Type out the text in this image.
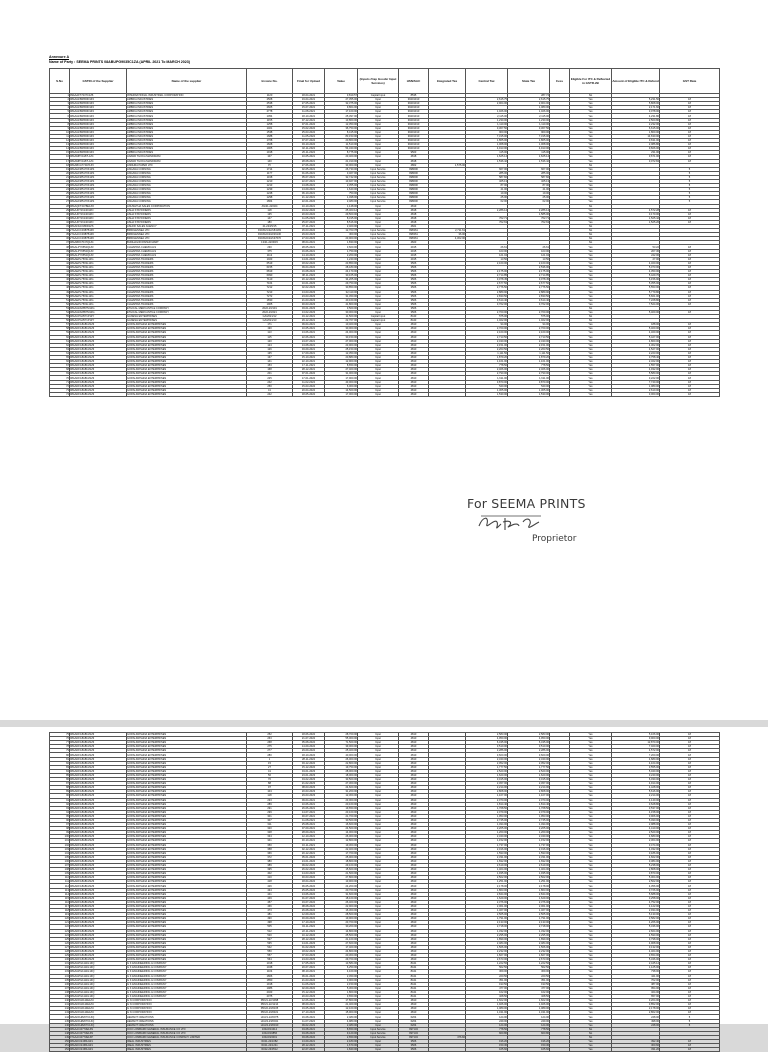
Annexure A
Name of Party : SEEMA PRINTS 08ABUPG9035C1ZA (APRIL 2021 To MARCH 2023)
S.No	GSTIN of the Supplier	Name of the supplier	Invoice No.	Final for Upload	Value	(Inputs /Cap Goods/ Input Services)	HSN/SAC	Integrated Tax	Central Tax	State Tax	Cess	Eligible For ITC & Reflected in GSTR-2B	Amount of Eligible ITC & Refund	GST Rate
1	09AAAFT7237C1Z6	INTERNATIONAL INDUSTRIAL CORPORATION	1120	18-04-2021	3,819.57	Capital Input	8535			287.74		No		
2	08AAGFB2650D1Z3	AMBIKA INDUSTRIES	2508	19-04-2021	27,355.00	Input	39201010		2,615.75	2,615.75		Yes	5,231.50	18
3	08AAGFB2650D1Z3	AMBIKA INDUSTRIES	2538	27-05-2021	32,375.00	Input	39201010		2,904.00	2,904.00		Yes	5,808.00	18
4	08AAGFB2650D1Z3	AMBIKA INDUSTRIES	2605	15-07-2021	9,864.00	Input	39201010			1,080.00		Yes	2,171.60	18
5	08AAGFB2650D1Z3	AMBIKA INDUSTRIES	2778	11-08-2021	17,100.00	Input	39201010		1,026.00	1,026.00		Yes	3,078.00	18
6	08AAGFB2650D1Z3	AMBIKA INDUSTRIES	1054	18-10-2021	25,397.00	Input	39201010		2,115.00	2,115.00		Yes	4,231.80	18
7	08AAGFB2650D1Z3	AMBIKA INDUSTRIES	1155	07-12-2021	13,860.00	Input	39201010		1,230.00	1,230.00		Yes	2,500.80	18
8	08AAGFB2650D1Z3	AMBIKA INDUSTRIES	1258	07-01-2022	12,350.00	Input	39201010		1,110.00	1,110.00		Yes	2,232.00	18
9	08AAGFB2650D1Z3	AMBIKA INDUSTRIES	1401	15-02-2022	36,750.00	Input	39201010		3,307.50	3,307.50		Yes	6,615.00	18
10	08AAGFB2650D1Z3	AMBIKA INDUSTRIES	1538	25-03-2022	8,415.00	Input	39201010		900.00	900.00		Yes	1,800.00	18
11	08AAGFB2650D1Z3	AMBIKA INDUSTRIES	1688	11-05-2022	83,153.00	Input	39201010		7,315.00	7,315.00		Yes	14,630.00	18
12	08AAGFB2650D1Z3	AMBIKA INDUSTRIES	1708	07-07-2022	20,860.00	Input	39201010		1,865.00	1,865.00		Yes	3,631.00	18
13	08AAGFB2650D1Z3	AMBIKA INDUSTRIES	1828	03-10-2022	11,510.00	Input	39201010		1,068.00	1,068.00		Yes	2,086.80	18
14	08AAGFB2650D1Z3	AMBIKA INDUSTRIES	1905	02-11-2022	54,340.00	Input	39201010		4,913.00	4,913.00		Yes	9,826.00	18
15	08AAGFB2650D1Z3	AMBIKA INDUSTRIES	1918	26-11-2022	8,775.00	Input	9503		115.00	115.00		Yes	231.00	18
16	08AAMPV1187L1Z4	ANAND THOKA MANDIRAM	107	10-05-2021	23,400.00	Input	4818		1,625.14	1,625.14		Yes	3,671.00	18
17	08AAMPV1187L1Z4	ANAND THOKA MANDIRAM	140	28-08-2021	21,310.00	Input	4818		1,536.42	1,536.42		Yes	3,072.84	18
18	08AABCA7741P1ZV	ANDHRA PAPER LTD	PI	27-06-2022	33,000.00	Input	4802	1,575.00				No		
19	08AAHFM5170K1ZS	ANGANA CORNING	1714	02-05-2021	26,730.00	Input Service	998600		667.00	667.00		Yes		5
20	08AAHFM5170K1ZS	ANGANA CORNING	1177	01-06-2021	3,467.00	Input Service	998600		285.00	285.00		Yes		5
21	08AAHFM5170K1ZS	ANGANA CORNING	1198	05-07-2021	32,742.00	Input Service	998600		587.82	587.82		Yes		5
22	08AAHFM5170K1ZS	ANGANA CORNING	1210	22-07-2021	13,927.00	Input Service	998600		325.13	325.13		Yes		5
23	08AAHFM5170K1ZS	ANGANA CORNING	1213	13-08-2021	2,355.00	Input Service	998600		87.00	87.00		Yes		5
24	08AAHFM5170K1ZS	ANGANA CORNING	1239	13-09-2021	1,640.00	Input Service	998600		41.00	41.00		Yes		5
25	08AAHFM5170K1ZS	ANGANA CORNING	1248	06-10-2021	750.00	Input Service	998600		19.00	19.00		Yes		5
26	08AAHFM5170K1ZS	ANGANA CORNING	1298	21-12-2021	1,498.00	Input Service	998600		25.00	25.00		Yes		5
27	08AAHFM5170K1ZS	ANGANA CORNING	1864	22-01-2022	2,480.00	Input Service	998600		62.00	62.00		Yes		5
28	08AAQFT4478E1ZO	ANUSHTHA SALES CORPORATION	AS/21-22/024	10-10-2021	1,148.00	Input	4819					No		
29	08AAJFT1614D1ZN	ASHA STATIONERS	118	19-02-2022	25,403.12	Input	4818		2,286.14	2,286.14		Yes	4,572.28	18
30	08AAJFT1614D1ZN	ASHA STATIONERS	135	20-03-2022	29,500.00	Input	4818			1,585.00		Yes	3,170.00	18
31	08AAJFT1614D1ZN	ASHA STATIONERS	147	11-05-2022	8,315.00	Input	4818		762.71	762.71		Yes	1,525.42	18
32	08AAJFT1614D1ZN	ASHA STATIONERS	180	25-07-2022	8,516.00	Input	4818		762.63	762.63		Yes	1,525.26	18
33	08AAFFA3186R1ZS	ASHOK SALES AGENCY	21-22/25/15	07-11-2021	2,400.00	Input	4821					No		
34	27AAACC3387B1Z6	BRIDGENNEA LTD	FR/2021/22/184183	26-03-2022	12,703.78	Input Service	998361	2,711.61				No		
35	27AAACC3387B1Z6	BRIDGENNEA LTD	FR/2022/23/226130	29-03-2023	300.00	Input Service	998361	36.00				No		
36	27AAACC3387B1Z6	BRIDGENNEA LTD	FR/2022/23/137670	27-03-2023	23,900.00	Input Service	998361	4,302.00				No		
37	08AABFF7047Q1Z4	BUDHAGIRI PAPER MART	13/21-22/0015	08-04-2021	1,830.00	Input	4823					No		
38	08AALPY6552Q1Z3	CHHAPRIA CHEMICALS	230	28-05-2021	3,600.00	Input	2915		26.61	26.61		Yes	53.22	18
39	08AALPY6552Q1Z3	CHHAPRIA CHEMICALS	375	16-06-2021	1,750.00	Input	2915		103.00	103.00		Yes	207.36	18
40	08AALPY6552Q1Z3	CHHAPRIA CHEMICALS	1112	14-10-2021	2,260.00	Input	2915		121.04	121.04		Yes	242.00	18
41	08AAEPL7503L1ZG	CHHAPRIA TRADERS	1023	14-01-2022	1,240.00	Input	2915		13.50	13.50		Yes	27.00	18
42	08AAEPL7503L1ZG	CHHAPRIA TRADERS	6519	18-02-2022	23,850.00	Input	3506		2,160.00	2,160.00		Yes	4,320.00	18
43	08AAEPL7503L1ZG	CHHAPRIA TRADERS	6155	09-04-2022	28,180.00	Input	3506			2,536.00		Yes	5,073.00	18
44	08AAEPL7503L1ZG	CHHAPRIA TRADERS	6819	16-08-2022	24,170.00	Input	3506		2,175.00	2,175.00		Yes	4,350.00	18
45	08AAEPL7503L1ZG	CHHAPRIA TRADERS	6990	08-11-2022	30,165.00	Input	3506		2,714.85	2,714.85		Yes	5,429.70	18
46	08AAEPL7503L1ZG	CHHAPRIA TRADERS	7110	20-12-2022	34,205.00	Input	3506		3,078.45	3,078.45		Yes	6,156.90	18
47	08AAEPL7503L1ZG	CHHAPRIA TRADERS	7164	10-01-2023	29,750.00	Input	3506		2,677.50	2,677.50		Yes	5,355.00	18
48	08AAEPL7503L1ZG	CHHAPRIA TRADERS	7212	02-02-2023	30,850.00	Input	3506		2,776.50	2,776.50		Yes	5,553.00	18
49	08AAEPL7503L1ZG	CHHAPRIA TRADERS	7213	13-03-2023	32,110.00	Input	3506		2,889.90	2,889.90		Yes	5,779.80	18
50	08AAEPL7503L1ZG	CHHAPRIA TRADERS	7272	23-03-2023	31,450.00	Input	3506		2,830.50	2,830.50		Yes	5,661.00	18
51	08AAEPL7503L1ZG	CHHAPRIA TRADERS	1830	21-03-2023	40,160.00	Input	3506		3,614.40	3,614.40		Yes	7,228.80	18
52	08AAEPL7503L1ZG	CHHAPRIA TRADERS	1905	30-03-2023	41,800.00	Input	3506		3,762.00	3,762.00		Yes	7,524.00	18
53	08AAGFA6857M1ZG	ETHICAL MERCANTILE COMPANY	2022-23/101	03-01-2023	3,500.00	Input	3506					No		
54	08AAGFA6857M1ZG	ETHICAL MERCANTILE COMPANY	2022-23/221	13-02-2023	30,000.00	Input	3506		2,700.00	2,700.00		Yes	5,400.00	18
55	08AACPG3571P1ZY	GANESH ENTERPRISES	GA/2021/12	19-12-2021	11,500.00	Capital Input	8443		575.00	575.00		No		
56	08AACPG3571P1ZY	GANESH ENTERPRISES	GA/2021/13	29-12-2021	22,707.00	Capital Input	8443		1,022.00	1,022.00		No		
57	08AADFG8181M1Z3	GOPALKRISHNA ENTERPRISES	171	09-04-2021	10,400.00	Input	4810		94.00	94.00		Yes	188.00	18
58	08AADFG8181M1Z3	GOPALKRISHNA ENTERPRISES	190	10-05-2021	30,000.00	Input	4810		2,700.00	2,700.00		Yes	5,400.00	18
59	08AADFG8181M1Z3	GOPALKRISHNA ENTERPRISES	113	13-06-2021	24,000.00	Input	4810		2,160.00	2,160.00		Yes	4,320.00	18
60	08AADFG8181M1Z3	GOPALKRISHNA ENTERPRISES	115	22-06-2021	30,150.00	Input	4810		2,713.50	2,713.50		Yes	5,427.00	18
61	08AADFG8181M1Z3	GOPALKRISHNA ENTERPRISES	120	24-07-2021	27,000.00	Input	4810		2,430.00	2,430.00		Yes	4,860.00	18
62	08AADFG8181M1Z3	GOPALKRISHNA ENTERPRISES	124	13-08-2021	23,900.00	Input	4810		2,151.00	2,151.00		Yes	4,302.00	18
63	08AADFG8181M1Z3	GOPALKRISHNA ENTERPRISES	126	03-09-2021	25,150.00	Input	4810		2,263.50	2,263.50		Yes	4,527.00	18
64	08AADFG8181M1Z3	GOPALKRISHNA ENTERPRISES	135	17-09-2021	12,350.00	Input	4810		1,111.50	1,111.50		Yes	2,223.00	18
65	08AADFG8181M1Z3	GOPALKRISHNA ENTERPRISES	137	15-10-2021	20,880.00	Input	4810		1,879.20	1,879.20		Yes	3,758.40	18
66	08AADFG8181M1Z3	GOPALKRISHNA ENTERPRISES	141	22-10-2021	12,900.00	Input	4810		1,161.00	1,161.00		Yes	2,322.00	18
67	08AADFG8181M1Z3	GOPALKRISHNA ENTERPRISES	153	17-11-2021	8,650.00	Input	4810		778.50	778.50		Yes	1,557.00	18
68	08AADFG8181M1Z3	GOPALKRISHNA ENTERPRISES	168	28-12-2021	27,400.00	Input	4810		2,466.00	2,466.00		Yes	4,932.00	18
69	08AADFG8181M1Z3	GOPALKRISHNA ENTERPRISES	201	07-01-2022	31,000.00	Input	4810		2,790.00	2,790.00		Yes	5,580.00	18
70	08AADFG8181M1Z3	GOPALKRISHNA ENTERPRISES	225	17-01-2022	17,900.00	Input	4810		1,611.00	1,611.00		Yes	3,222.00	18
71	08AADFG8181M1Z3	GOPALKRISHNA ENTERPRISES	242	11-02-2022	43,000.00	Input	4810		3,870.00	3,870.00		Yes	7,740.00	18
72	08AADFG8181M1Z3	GOPALKRISHNA ENTERPRISES	250	15-03-2022	6,000.00	Input	4810		540.00	540.00		Yes	1,080.00	18
73	08AADFG8181M1Z3	GOPALKRISHNA ENTERPRISES	41	20-04-2022	14,500.00	Input	4810		1,305.00	1,305.00		Yes	2,610.00	18
74	08AADFG8181M1Z3	GOPALKRISHNA ENTERPRISES	242	18-05-2022	17,000.00	Input	4810		1,530.00	1,530.00		Yes	3,060.00	18
For SEEMA PRINTS
Proprietor
75	08AADFG8181M1Z3	GOPALKRISHNA ENTERPRISES	252	18-06-2022	28,700.00	Input	4810		2,583.00	2,583.00		Yes	5,166.00	18
76	08AADFG8181M1Z3	GOPALKRISHNA ENTERPRISES	263	21-07-2022	55,000.00	Input	4810		4,950.00	4,950.00		Yes	9,900.00	18
77	08AADFG8181M1Z3	GOPALKRISHNA ENTERPRISES	268	05-08-2022	71,500.00	Input	4810		6,435.00	6,435.00		Yes	12,870.00	18
78	08AADFG8181M1Z3	GOPALKRISHNA ENTERPRISES	275	14-09-2022	39,000.00	Input	4810		3,510.00	3,510.00		Yes	7,020.00	18
79	08AADFG8181M1Z3	GOPALKRISHNA ENTERPRISES	277	29-09-2022	25,400.00	Input	4810		2,286.00	2,286.00		Yes	4,572.00	18
80	08AADFG8181M1Z3	GOPALKRISHNA ENTERPRISES	280	18-10-2022	40,000.00	Input	4810		3,600.00	3,600.00		Yes	7,200.00	18
81	08AADFG8181M1Z3	GOPALKRISHNA ENTERPRISES	1	28-11-2022	26,000.00	Input	4810		2,340.00	2,340.00		Yes	4,680.00	18
82	08AADFG8181M1Z3	GOPALKRISHNA ENTERPRISES	15	03-12-2022	22,800.00	Input	4810		2,052.00	2,052.00		Yes	4,104.00	18
83	08AADFG8181M1Z3	GOPALKRISHNA ENTERPRISES	27	15-12-2022	19,750.00	Input	4810		1,777.50	1,777.50		Yes	3,555.00	18
84	08AADFG8181M1Z3	GOPALKRISHNA ENTERPRISES	41	04-01-2023	28,000.00	Input	4810		2,520.00	2,520.00		Yes	5,040.00	18
85	08AADFG8181M1Z3	GOPALKRISHNA ENTERPRISES	56	23-01-2023	18,000.00	Input	4810		1,620.00	1,620.00		Yes	3,240.00	18
86	08AADFG8181M1Z3	GOPALKRISHNA ENTERPRISES	70	04-02-2023	33,500.00	Input	4810		3,015.00	3,015.00		Yes	6,030.00	18
87	08AADFG8181M1Z3	GOPALKRISHNA ENTERPRISES	88	21-02-2023	27,300.00	Input	4810		2,457.00	2,457.00		Yes	4,914.00	18
88	08AADFG8181M1Z3	GOPALKRISHNA ENTERPRISES	97	08-03-2023	24,600.00	Input	4810		2,214.00	2,214.00		Yes	4,428.00	18
89	08AADFG8181M1Z3	GOPALKRISHNA ENTERPRISES	104	20-03-2023	31,200.00	Input	4810		2,808.00	2,808.00		Yes	5,616.00	18
90	08AADFG8181M1Z3	GOPALKRISHNA ENTERPRISES	118	29-03-2023	12,300.00	Input	4810		1,107.00	1,107.00		Yes	2,214.00	18
91	08AADFG8181M1Z3	GOPALKRISHNA ENTERPRISES	233	09-04-2021	23,000.00	Input	4810		2,070.00	2,070.00		Yes	4,140.00	18
92	08AADFG8181M1Z3	GOPALKRISHNA ENTERPRISES	289	10-06-2021	20,160.00	Input	4810		1,814.40	1,814.40		Yes	3,628.80	18
93	08AADFG8181M1Z3	GOPALKRISHNA ENTERPRISES	291	26-06-2021	19,650.00	Input	4810		1,768.50	1,768.50		Yes	3,537.00	18
94	08AADFG8181M1Z3	GOPALKRISHNA ENTERPRISES	299	14-07-2021	23,100.00	Input	4810		2,079.00	2,079.00		Yes	4,158.00	18
95	08AADFG8181M1Z3	GOPALKRISHNA ENTERPRISES	301	30-07-2021	21,700.00	Input	4810		1,953.00	1,953.00		Yes	3,906.00	18
96	08AADFG8181M1Z3	GOPALKRISHNA ENTERPRISES	307	11-08-2021	30,500.00	Input	4810		2,745.00	2,745.00		Yes	5,490.00	18
97	08AADFG8181M1Z3	GOPALKRISHNA ENTERPRISES	311	25-08-2021	16,600.00	Input	4810		1,494.00	1,494.00		Yes	2,988.00	18
98	08AADFG8181M1Z3	GOPALKRISHNA ENTERPRISES	320	07-09-2021	24,500.00	Input	4810		2,205.00	2,205.00		Yes	4,410.00	18
99	08AADFG8181M1Z3	GOPALKRISHNA ENTERPRISES	328	28-09-2021	14,000.00	Input	4810		1,260.00	1,260.00		Yes	2,520.00	18
100	08AADFG8181M1Z3	GOPALKRISHNA ENTERPRISES	334	12-10-2021	26,000.00	Input	4810		2,340.00	2,340.00		Yes	4,680.00	18
101	08AADFG8181M1Z3	GOPALKRISHNA ENTERPRISES	341	30-10-2021	12,800.00	Input	4810		1,152.00	1,152.00		Yes	2,304.00	18
102	08AADFG8181M1Z3	GOPALKRISHNA ENTERPRISES	350	16-11-2021	19,300.00	Input	4810		1,737.00	1,737.00		Yes	3,474.00	18
103	08AADFG8181M1Z3	GOPALKRISHNA ENTERPRISES	358	02-12-2021	22,400.00	Input	4810		2,016.00	2,016.00		Yes	4,032.00	18
104	08AADFG8181M1Z3	GOPALKRISHNA ENTERPRISES	366	20-12-2021	17,700.00	Input	4810		1,593.00	1,593.00		Yes	3,186.00	18
105	08AADFG8181M1Z3	GOPALKRISHNA ENTERPRISES	372	05-01-2022	25,900.00	Input	4810		2,331.00	2,331.00		Yes	4,662.00	18
106	08AADFG8181M1Z3	GOPALKRISHNA ENTERPRISES	380	24-01-2022	18,800.00	Input	4810		1,692.00	1,692.00		Yes	3,384.00	18
107	08AADFG8181M1Z3	GOPALKRISHNA ENTERPRISES	389	09-02-2022	29,100.00	Input	4810		2,619.00	2,619.00		Yes	5,238.00	18
108	08AADFG8181M1Z3	GOPALKRISHNA ENTERPRISES	395	26-02-2022	15,600.00	Input	4810		1,404.00	1,404.00		Yes	2,808.00	18
109	08AADFG8181M1Z3	GOPALKRISHNA ENTERPRISES	402	14-03-2022	21,500.00	Input	4810		1,935.00	1,935.00		Yes	3,870.00	18
110	08AADFG8181M1Z3	GOPALKRISHNA ENTERPRISES	410	30-03-2022	27,800.00	Input	4810		2,502.00	2,502.00		Yes	5,004.00	18
111	08AADFG8181M1Z3	GOPALKRISHNA ENTERPRISES	418	18-04-2022	13,900.00	Input	4810		1,251.00	1,251.00		Yes	2,502.00	18
112	08AADFG8181M1Z3	GOPALKRISHNA ENTERPRISES	426	06-05-2022	24,200.00	Input	4810		2,178.00	2,178.00		Yes	4,356.00	18
113	08AADFG8181M1Z3	GOPALKRISHNA ENTERPRISES	434	25-05-2022	20,700.00	Input	4810		1,863.00	1,863.00		Yes	3,726.00	18
114	08AADFG8181M1Z3	GOPALKRISHNA ENTERPRISES	441	13-06-2022	31,600.00	Input	4810		2,844.00	2,844.00		Yes	5,688.00	18
115	08AADFG8181M1Z3	GOPALKRISHNA ENTERPRISES	449	01-07-2022	18,100.00	Input	4810		1,629.00	1,629.00		Yes	3,258.00	18
116	08AADFG8181M1Z3	GOPALKRISHNA ENTERPRISES	457	19-07-2022	26,400.00	Input	4810		2,376.00	2,376.00		Yes	4,752.00	18
117	08AADFG8181M1Z3	GOPALKRISHNA ENTERPRISES	466	08-08-2022	22,900.00	Input	4810		2,061.00	2,061.00		Yes	4,122.00	18
118	08AADFG8181M1Z3	GOPALKRISHNA ENTERPRISES	473	26-08-2022	16,300.00	Input	4810		1,467.00	1,467.00		Yes	2,934.00	18
119	08AADFG8181M1Z3	GOPALKRISHNA ENTERPRISES	481	12-09-2022	28,500.00	Input	4810		2,565.00	2,565.00		Yes	5,130.00	18
120	08AADFG8181M1Z3	GOPALKRISHNA ENTERPRISES	490	30-09-2022	19,900.00	Input	4810		1,791.00	1,791.00		Yes	3,582.00	18
121	08AADFG8181M1Z3	GOPALKRISHNA ENTERPRISES	498	17-10-2022	23,700.00	Input	4810		2,133.00	2,133.00		Yes	4,266.00	18
122	08AADFG8181M1Z3	GOPALKRISHNA ENTERPRISES	505	04-11-2022	30,200.00	Input	4810		2,718.00	2,718.00		Yes	5,436.00	18
123	08AADFG8181M1Z3	GOPALKRISHNA ENTERPRISES	512	22-11-2022	14,800.00	Input	4810		1,332.00	1,332.00		Yes	2,664.00	18
124	08AADFG8181M1Z3	GOPALKRISHNA ENTERPRISES	520	10-12-2022	25,500.00	Input	4810		2,295.00	2,295.00		Yes	4,590.00	18
125	08AADFG8181M1Z3	GOPALKRISHNA ENTERPRISES	527	28-12-2022	21,100.00	Input	4810		1,899.00	1,899.00		Yes	3,798.00	18
126	08AADFG8181M1Z3	GOPALKRISHNA ENTERPRISES	535	14-01-2023	27,600.00	Input	4810		2,484.00	2,484.00		Yes	4,968.00	18
127	08AADFG8181M1Z3	GOPALKRISHNA ENTERPRISES	542	01-02-2023	17,400.00	Input	4810		1,566.00	1,566.00		Yes	3,132.00	18
128	08AADFG8181M1Z3	GOPALKRISHNA ENTERPRISES	550	18-02-2023	24,800.00	Input	4810		2,232.00	2,232.00		Yes	4,464.00	18
129	08AADFG8181M1Z3	GOPALKRISHNA ENTERPRISES	557	07-03-2023	20,300.00	Input	4810		1,827.00	1,827.00		Yes	3,654.00	18
130	08AADFG8181M1Z3	GOPALKRISHNA ENTERPRISES	564	24-03-2023	29,700.00	Input	4810		2,673.00	2,673.00		Yes	5,346.00	18
131	08AAGPG1111G1ZQ	G K ENGINEERING & COMPANY	1018	17-05-2021	13,584.00	Input	8441		1,222.56	1,222.56		Yes	2,445.12	18
132	08AAGPG1111G1ZQ	G K ENGINEERING & COMPANY	1048	20-07-2021	6,250.00	Input	8441		562.50	562.50		Yes	1,125.00	18
133	08AAGPG1111G1ZQ	G K ENGINEERING & COMPANY	1104	08-10-2021	4,100.00	Input	8441		369.00	369.00		Yes	738.00	18
134	08AAGPG1111G1ZQ	G K ENGINEERING & COMPANY	1806	06-01-2022	2,450.00	Input	8441		220.50	220.50		Yes	441.00	18
135	08AAGPG1111G1ZQ	G K ENGINEERING & COMPANY	1850	21-03-2022	3,900.00	Input	8441		351.00	351.00		Yes	702.00	18
136	08AAGPG1111G1ZQ	G K ENGINEERING & COMPANY	1918	11-06-2022	2,150.00	Input	8441		193.50	193.50		Yes	387.00	18
137	08AAGPG1111G1ZQ	G K ENGINEERING & COMPANY	1986	02-09-2022	5,300.00	Input	8441		477.00	477.00		Yes	954.00	18
138	08AAGPG1111G1ZQ	G K ENGINEERING & COMPANY	2023	15-12-2022	1,800.00	Input	8441		162.00	162.00		Yes	324.00	18
139	08AAGPG1111G1ZQ	G K ENGINEERING & COMPANY	2075	20-03-2023	3,650.00	Input	8441		328.50	328.50		Yes	657.00	18
140	08AAKFG0110E1ZU	G N CORPORATION	PR/21-22/1098	12-06-2021	17,800.00	Input	4810		1,602.00	1,602.00		Yes	3,204.00	18
141	08AAKFG0110E1ZU	G N CORPORATION	PR/21-22/1214	08-09-2021	21,400.00	Input	4810		1,926.00	1,926.00		Yes	3,852.00	18
142	08AAKFG0110E1ZU	G N CORPORATION	PR/22-23/0105	19-05-2022	12,100.00	Input	4810		1,089.00	1,089.00		Yes	2,178.00	18
143	08AAKFG0110E1ZU	G N CORPORATION	PR/22-23/0321	27-10-2022	15,900.00	Input	4810		1,431.00	1,431.00		Yes	2,862.00	18
144	08AAKFH8207C1ZQ	HEMANT CREATIONS	HC/21-22/0075	16-08-2021	2,480.00	Input	6204		124.00	124.00		Yes	248.00	5
145	08AAKFH8207C1ZQ	HEMANT CREATIONS	HC/22-23/0041	11-07-2022	4,980.00	Input	6204		249.00	249.00		Yes	498.00	5
146	08AAKFH8207C1ZQ	HEMANT CREATIONS	HC/22-23/0190	09-02-2023	2,480.00	Input	6204		124.00	124.00		Yes	248.00	5
147	08AAACI4773E1ZN	ICICI LOMBARD GENERAL INSURANCE CO LTD	1002/213412	04-08-2021	8,650.00	Input Service	997134		778.50	778.50		No		
148	08AAACI4773E1ZN	ICICI LOMBARD GENERAL INSURANCE CO LTD	1002/219856	04-08-2022	9,120.00	Input Service	997134		820.80	820.80		No		
149	07AAACI4773E1ZP	ICICI LOMBARD GENERAL INSURANCE COMPANY LIMITED	1002/223001	03-08-2022	2,650.00	Input Service	997134	476.82				No		
150	08AADCI2468H1Z1	IDEAL INDUSTRIES	ID/21-22/1082	13-09-2021	2,180.00	Input	3506		196.20	196.20		Yes	392.40	18
151	08AADCI2468H1Z1	IDEAL INDUSTRIES	ID/21-22/1241	28-12-2021	1,670.00	Input	3506		150.30	150.30		Yes	300.60	18
152	08AADCI2468H1Z1	IDEAL INDUSTRIES	ID/22-23/0512	22-07-2022	1,840.00	Input	3506		165.60	165.60		Yes	331.20	18
